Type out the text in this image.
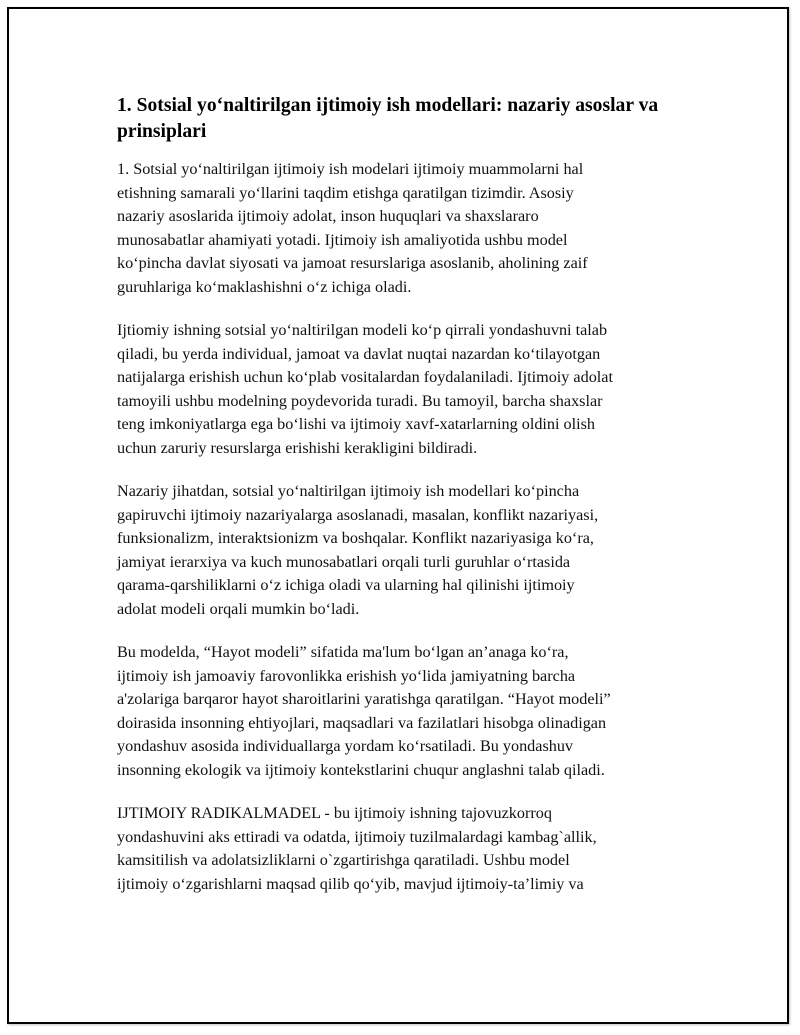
1. Sotsial yo‘naltirilgan ijtimoiy ish modellari: nazariy asoslar va prinsiplari

1. Sotsial yo‘naltirilgan ijtimoiy ish modelari ijtimoiy muammolarni hal
etishning samarali yo‘llarini taqdim etishga qaratilgan tizimdir. Asosiy
nazariy asoslarida ijtimoiy adolat, inson huquqlari va shaxslararo
munosabatlar ahamiyati yotadi. Ijtimoiy ish amaliyotida ushbu model
ko‘pincha davlat siyosati va jamoat resurslariga asoslanib, aholining zaif
guruhlariga ko‘maklashishni o‘z ichiga oladi.

Ijtiomiy ishning sotsial yo‘naltirilgan modeli ko‘p qirrali yondashuvni talab
qiladi, bu yerda individual, jamoat va davlat nuqtai nazardan ko‘tilayotgan
natijalarga erishish uchun ko‘plab vositalardan foydalaniladi. Ijtimoiy adolat
tamoyili ushbu modelning poydevorida turadi. Bu tamoyil, barcha shaxslar
teng imkoniyatlarga ega bo‘lishi va ijtimoiy xavf-xatarlarning oldini olish
uchun zaruriy resurslarga erishishi kerakligini bildiradi.

Nazariy jihatdan, sotsial yo‘naltirilgan ijtimoiy ish modellari ko‘pincha
gapiruvchi ijtimoiy nazariyalarga asoslanadi, masalan, konflikt nazariyasi,
funksionalizm, interaktsionizm va boshqalar. Konflikt nazariyasiga ko‘ra,
jamiyat ierarxiya va kuch munosabatlari orqali turli guruhlar o‘rtasida
qarama-qarshiliklarni o‘z ichiga oladi va ularning hal qilinishi ijtimoiy
adolat modeli orqali mumkin bo‘ladi.

Bu modelda, “Hayot modeli” sifatida ma'lum bo‘lgan an’anaga ko‘ra,
ijtimoiy ish jamoaviy farovonlikka erishish yo‘lida jamiyatning barcha
a'zolariga barqaror hayot sharoitlarini yaratishga qaratilgan. “Hayot modeli”
doirasida insonning ehtiyojlari, maqsadlari va fazilatlari hisobga olinadigan
yondashuv asosida individuallarga yordam ko‘rsatiladi. Bu yondashuv
insonning ekologik va ijtimoiy kontekstlarini chuqur anglashni talab qiladi.

IJTIMOIY RADIKALMADEL - bu ijtimoiy ishning tajovuzkorroq
yondashuvini aks ettiradi va odatda, ijtimoiy tuzilmalardagi kambag`allik,
kamsitilish va adolatsizliklarni o`zgartirishga qaratiladi. Ushbu model
ijtimoiy o‘zgarishlarni maqsad qilib qo‘yib, mavjud ijtimoiy-ta’limiy va
